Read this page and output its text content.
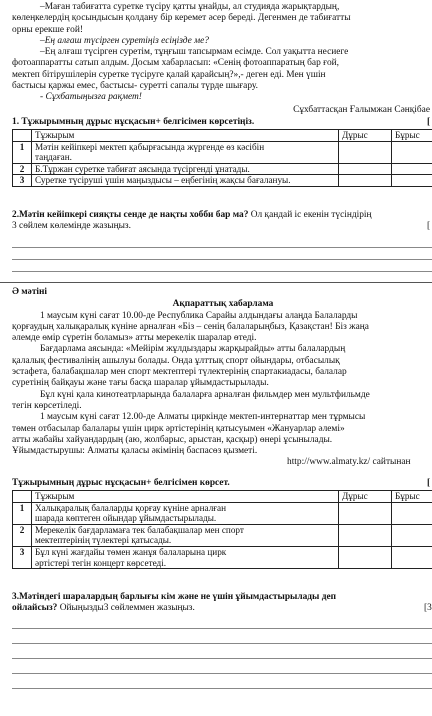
–Маған табиғатта суретке түсіру қатты ұнайды, ал студияда жарықтардың,

көлеңкелердің қосындысын қолдану бір керемет әсер береді. Дегенмен де табиғатты

орны ерекше ғой!

–Ең алғаш түсірген суретіңіз есіңізде ме?

–Ең алғаш түсірген суретім, тұңғыш тапсырмам есімде. Сол уақытта несиеге

фотоаппаратты сатып алдым. Досым хабарласып: «Сенің фотоаппаратың бар ғой,

мектеп бітірушілерін суретке түсіруге қалай қарайсың?»,- деген еді. Мен үшін

бастысы қаржы емес, бастысы- суретті сапалы түрде шығару.

- Сұхбатыңызға рақмет!

Сұхбаттасқан Ғалымжан Сәнқібае

1. Тұжырымның дұрыс нұсқасын+ белгісімен көрсетіңіз.	[

	Тұжырым	Дұрыс	Бұрыс
1	Мәтін кейіпкері мектеп қабырғасында жүргенде өз кәсібін
таңдаған.		
2	Б.Тұржан суретке табиғат аясында түсіргенді ұнатады.		
3	Суретке түсіруші үшін маңыздысы – еңбегінің жақсы бағалануы.		

2.Мәтін кейіпкері сияқты сенде де нақты хобби бар ма? Ол қандай іс екенін түсіндірің

3 сөйлем көлемінде жазыңыз.	[

Ә мәтіні

Ақпараттық хабарлама

1 маусым күні сағат 10.00-де Республика Сарайы алдындағы алаңда Балаларды

қорғаудың халықаралық күніне арналған «Біз – сенің балаларыңбыз, Қазақстан! Біз жаңа

әлемде өмір сүретін боламыз» атты мерекелік шаралар өтеді.

Бағдарлама аясында: «Мейірім жұлдыздары жарқырайды» атты балалардың

қалалық фестивалінің ашылуы болады. Онда ұлттық спорт ойындары, отбасылық

эстафета, балабақшалар мен спорт мектептері түлектерінің спартакиадасы, балалар

суретінің байқауы және тағы басқа шаралар ұйымдастырылады.

Бұл күні қала кинотеатрларында балаларға арналған фильмдер мен мультфильмде

тегін көрсетіледі.

1 маусым күні сағат 12.00-де Алматы циркінде мектеп-интернаттар мен тұрмысы

төмен отбасылар балалары үшін цирк әртістерінің қатысуымен «Жануарлар әлемі»

атты жабайы хайуандардың (аю, жолбарыс, арыстан, қасқыр) өнері ұсынылады.

Ұйымдастырушы: Алматы қаласы әкімінің баспасөз қызметі.

http://www.almaty.kz/ сайтынан

Тұжырымның дұрыс нұсқасын+ белгісімен көрсет.	[

	Тұжырым	Дұрыс	Бұрыс
1	Халықаралық балаларды қорғау күніне арналған
шарада көптеген ойындар ұйымдастырылады.		
2	Мерекелік бағдарламаға тек балабақшалар мен спорт
мектептерінің түлектері қатысады.		
3	Бұл күні жағдайы төмен жанұя балаларына цирк
әртістері тегін концерт көрсетеді.		

3.Мәтіндегі шаралардың барлығы кім және не үшін ұйымдастырылады деп

ойлайсыз? Ойыңызды3 сөйлеммен жазыңыз.	[3
